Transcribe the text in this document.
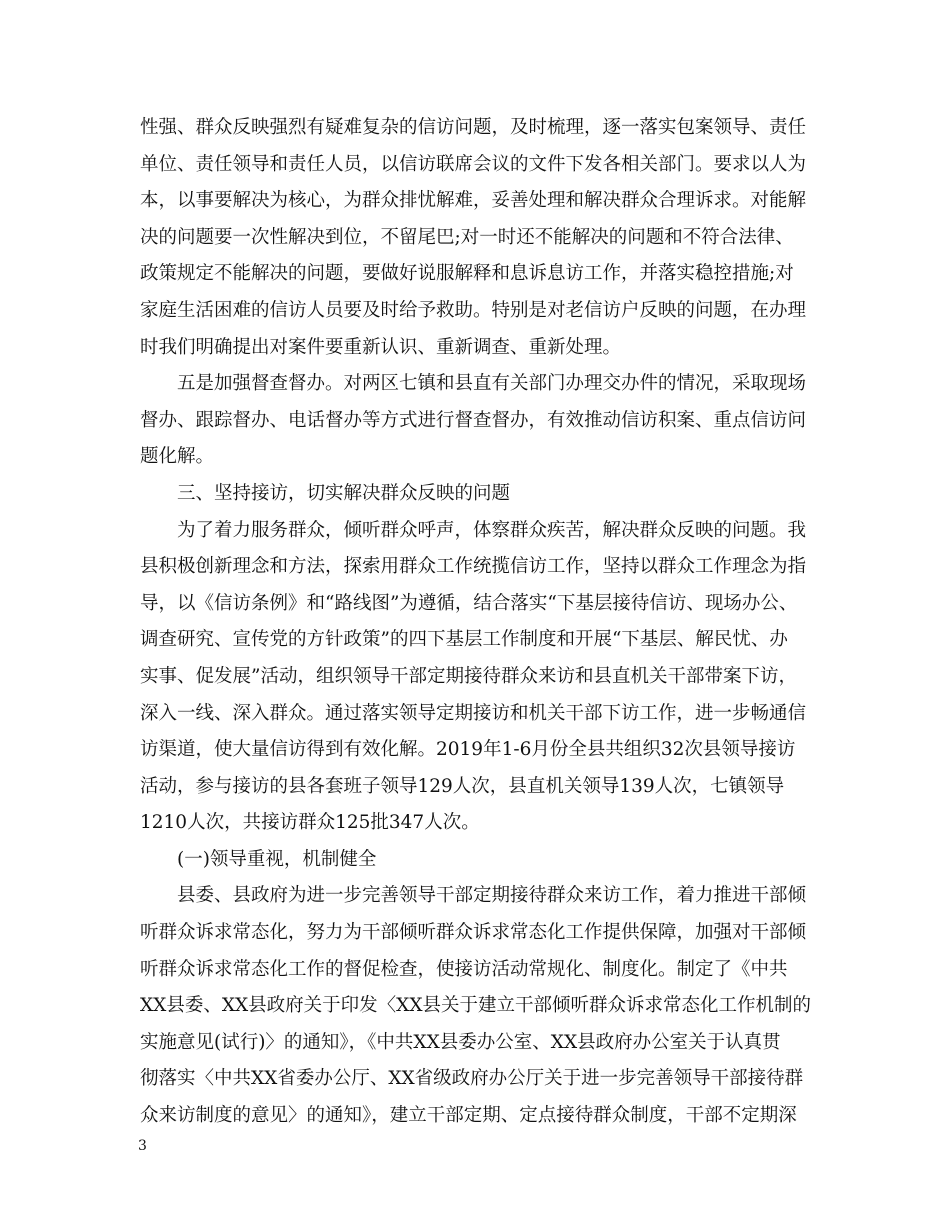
性强、群众反映强烈有疑难复杂的信访问题，及时梳理，逐一落实包案领导、责任
单位、责任领导和责任人员，以信访联席会议的文件下发各相关部门。要求以人为
本，以事要解决为核心，为群众排忧解难，妥善处理和解决群众合理诉求。对能解
决的问题要一次性解决到位，不留尾巴;对一时还不能解决的问题和不符合法律、
政策规定不能解决的问题，要做好说服解释和息诉息访工作，并落实稳控措施;对
家庭生活困难的信访人员要及时给予救助。特别是对老信访户反映的问题，在办理
时我们明确提出对案件要重新认识、重新调查、重新处理。
五是加强督查督办。对两区七镇和县直有关部门办理交办件的情况，采取现场
督办、跟踪督办、电话督办等方式进行督查督办，有效推动信访积案、重点信访问
题化解。
三、坚持接访，切实解决群众反映的问题
为了着力服务群众，倾听群众呼声，体察群众疾苦，解决群众反映的问题。我
县积极创新理念和方法，探索用群众工作统揽信访工作，坚持以群众工作理念为指
导，以《信访条例》和“路线图”为遵循，结合落实“下基层接待信访、现场办公、
调查研究、宣传党的方针政策”的四下基层工作制度和开展“下基层、解民忧、办
实事、促发展”活动，组织领导干部定期接待群众来访和县直机关干部带案下访，
深入一线、深入群众。通过落实领导定期接访和机关干部下访工作，进一步畅通信
访渠道，使大量信访得到有效化解。2019年1-6月份全县共组织32次县领导接访
活动，参与接访的县各套班子领导129人次，县直机关领导139人次，七镇领导
1210人次，共接访群众125批347人次。
(一)领导重视，机制健全
县委、县政府为进一步完善领导干部定期接待群众来访工作，着力推进干部倾
听群众诉求常态化，努力为干部倾听群众诉求常态化工作提供保障，加强对干部倾
听群众诉求常态化工作的督促检查，使接访活动常规化、制度化。制定了《中共
XX县委、XX县政府关于印发〈XX县关于建立干部倾听群众诉求常态化工作机制的
实施意见(试行)〉的通知》，《中共XX县委办公室、XX县政府办公室关于认真贯
彻落实〈中共XX省委办公厅、XX省级政府办公厅关于进一步完善领导干部接待群
众来访制度的意见〉的通知》，建立干部定期、定点接待群众制度，干部不定期深
3
